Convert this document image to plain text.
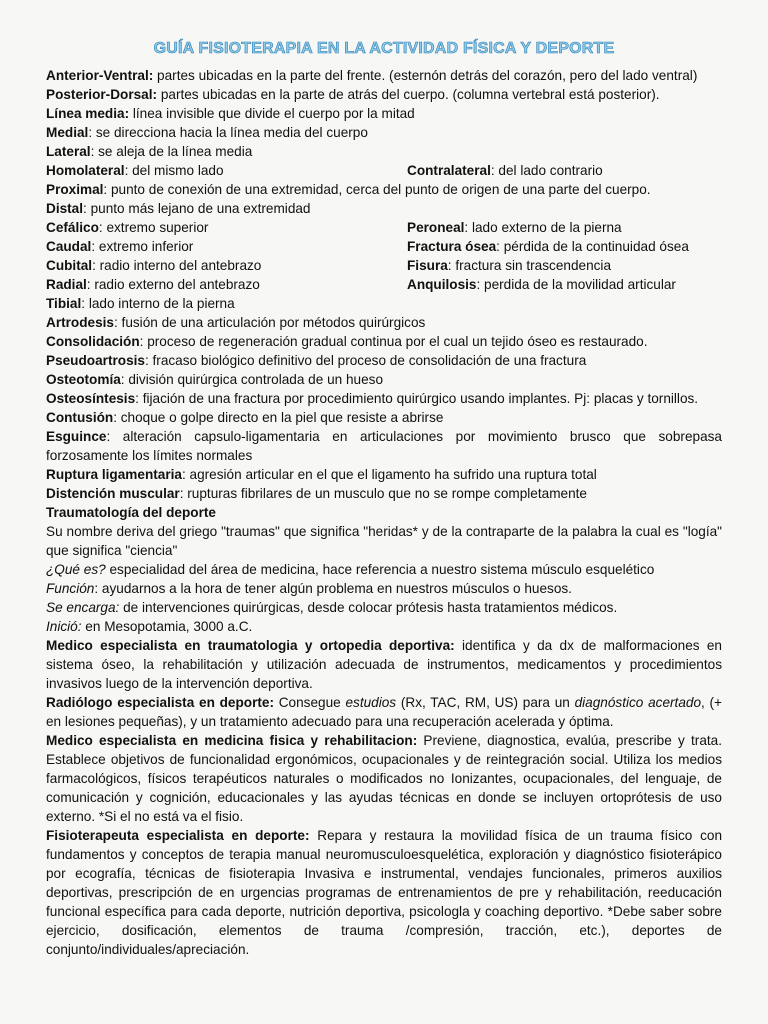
GUÍA FISIOTERAPIA EN LA ACTIVIDAD FÍSICA Y DEPORTE
Anterior-Ventral: partes ubicadas en la parte del frente. (esternón detrás del corazón, pero del lado ventral)
Posterior-Dorsal: partes ubicadas en la parte de atrás del cuerpo. (columna vertebral está posterior).
Línea media: línea invisible que divide el cuerpo por la mitad
Medial: se direcciona hacia la línea media del cuerpo
Lateral: se aleja de la línea media
Homolateral: del mismo lado	Contralateral: del lado contrario
Proximal: punto de conexión de una extremidad, cerca del punto de origen de una parte del cuerpo.
Distal: punto más lejano de una extremidad
Cefálico: extremo superior	Peroneal: lado externo de la pierna
Caudal: extremo inferior	Fractura ósea: pérdida de la continuidad ósea
Cubital: radio interno del antebrazo	Fisura: fractura sin trascendencia
Radial: radio externo del antebrazo	Anquilosis: perdida de la movilidad articular
Tibial: lado interno de la pierna
Artrodesis: fusión de una articulación por métodos quirúrgicos
Consolidación: proceso de regeneración gradual continua por el cual un tejido óseo es restaurado.
Pseudoartrosis: fracaso biológico definitivo del proceso de consolidación de una fractura
Osteotomía: división quirúrgica controlada de un hueso
Osteosíntesis: fijación de una fractura por procedimiento quirúrgico usando implantes. Pj: placas y tornillos.
Contusión: choque o golpe directo en la piel que resiste a abrirse
Esguince: alteración capsulo-ligamentaria en articulaciones por movimiento brusco que sobrepasa forzosamente los límites normales
Ruptura ligamentaria: agresión articular en el que el ligamento ha sufrido una ruptura total
Distención muscular: rupturas fibrilares de un musculo que no se rompe completamente
Traumatología del deporte
Su nombre deriva del griego "traumas" que significa "heridas* y de la contraparte de la palabra la cual es "logía" que significa "ciencia"
¿Qué es? especialidad del área de medicina, hace referencia a nuestro sistema músculo esquelético
Función: ayudarnos a la hora de tener algún problema en nuestros músculos o huesos.
Se encarga: de intervenciones quirúrgicas, desde colocar prótesis hasta tratamientos médicos.
Inició: en Mesopotamia, 3000 a.C.
Medico especialista en traumatologia y ortopedia deportiva: identifica y da dx de malformaciones en sistema óseo, la rehabilitación y utilización adecuada de instrumentos, medicamentos y procedimientos invasivos luego de la intervención deportiva.
Radiólogo especialista en deporte: Consegue estudios (Rx, TAC, RM, US) para un diagnóstico acertado, (+ en lesiones pequeñas), y un tratamiento adecuado para una recuperación acelerada y óptima.
Medico especialista en medicina fisica y rehabilitacion: Previene, diagnostica, evalúa, prescribe y trata. Establece objetivos de funcionalidad ergonómicos, ocupacionales y de reintegración social. Utiliza los medios farmacológicos, físicos terapéuticos naturales o modificados no Ionizantes, ocupacionales, del lenguaje, de comunicación y cognición, educacionales y las ayudas técnicas en donde se incluyen ortoprótesis de uso externo. *Si el no está va el fisio.
Fisioterapeuta especialista en deporte: Repara y restaura la movilidad física de un trauma físico con fundamentos y conceptos de terapia manual neuromusculoesquelética, exploración y diagnóstico fisioterápico por ecografía, técnicas de fisioterapia Invasiva e instrumental, vendajes funcionales, primeros auxilios deportivas, prescripción de en urgencias programas de entrenamientos de pre y rehabilitación, reeducación funcional específica para cada deporte, nutrición deportiva, psicologla y coaching deportivo. *Debe saber sobre ejercicio, dosificación, elementos de trauma /compresión, tracción, etc.), deportes de conjunto/individuales/apreciación.
